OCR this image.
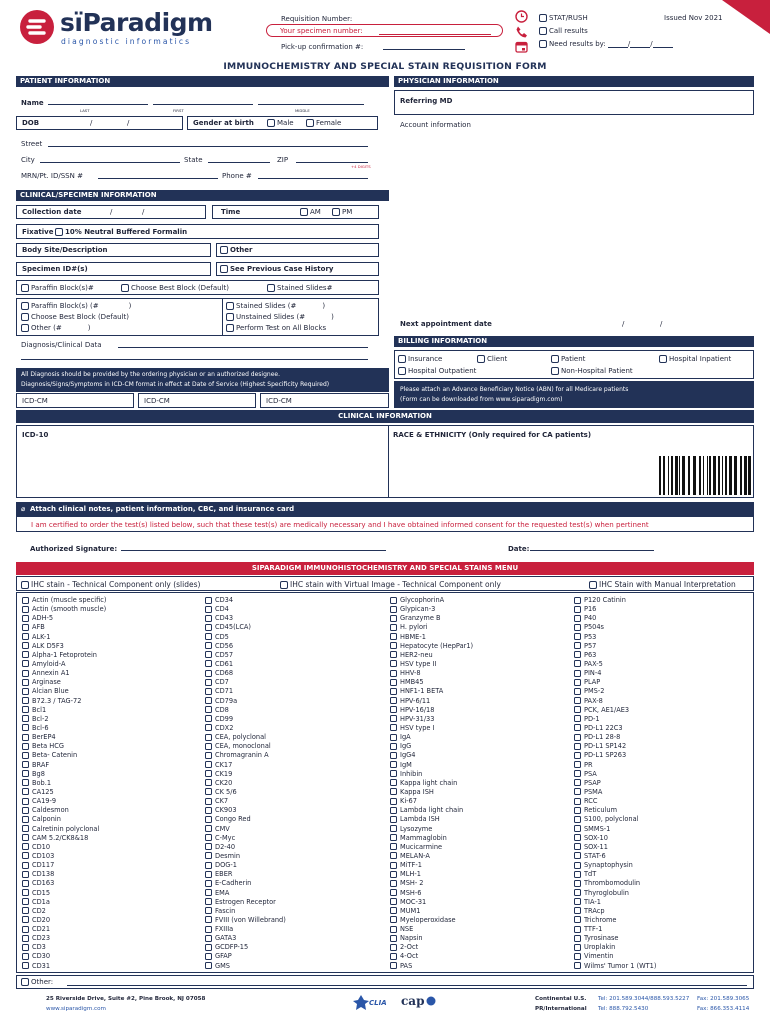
sïParadigm
diagnostic informatics
Requisition Number:
Your specimen number:
Pick-up confirmation #:
STAT/RUSH
Call results
Need results by:	/	/
Issued Nov 2021
IMMUNOCHEMISTRY AND SPECIAL STAIN REQUISITION FORM
PATIENT INFORMATION	PHYSICIAN INFORMATION
Name
LAST	FIRST	MIDDLE
DOB	/	/	Gender at birth	Male	Female
Street
City	State	ZIP
+4 DIGITS
MRN/Pt. ID/SSN #	Phone #
Referring MD
Account information
CLINICAL/SPECIMEN INFORMATION
Collection date	/	/	Time	AM	PM
Fixative	10% Neutral Buffered Formalin
Body Site/Description	Other
Specimen ID#(s)	See Previous Case History
Paraffin Block(s)#	Choose Best Block (Default)	Stained Slides#
Paraffin Block(s) (#	)
Choose Best Block (Default)
Other (#	)
Stained Slides (#	)
Unstained Slides (#	)
Perform Test on All Blocks
Diagnosis/Clinical Data
All Diagnosis should be provided by the ordering physician or an authorized designee.
Diagnosis/Signs/Symptoms in ICD-CM format in effect at Date of Service (Highest Specificity Required)
ICD-CM	ICD-CM	ICD-CM
Next appointment date	/	/
BILLING INFORMATION
Insurance	Client	Patient	Hospital Inpatient
Hospital Outpatient	Non-Hospital Patient
Please attach an Advance Beneficiary Notice (ABN) for all Medicare patients
(Form can be downloaded from www.siparadigm.com)
CLINICAL INFORMATION
ICD-10	RACE & ETHNICITY (Only required for CA patients)
⌀ Attach clinical notes, patient information, CBC, and insurance card
I am certified to order the test(s) listed below, such that these test(s) are medically necessary and I have obtained informed consent for the requested test(s) when pertinent
Authorized Signature:	Date:
SIPARADIGM IMMUNOHISTOCHEMISTRY AND SPECIAL STAINS MENU
IHC stain - Technical Component only (slides)	IHC stain with Virtual Image - Technical Component only	IHC Stain with Manual Interpretation
Actin (muscle specific)
Actin (smooth muscle)
ADH-5
AFB
ALK-1
ALK D5F3
Alpha-1 Fetoprotein
Amyloid-A
Annexin A1
Arginase
Alcian Blue
B72.3 / TAG-72
Bcl1
Bcl-2
Bcl-6
BerEP4
Beta HCG
Beta- Catenin
BRAF
Bg8
Bob.1
CA125
CA19-9
Caldesmon
Calponin
Calretinin polyclonal
CAM 5.2/CK8&18
CD10
CD103
CD117
CD138
CD163
CD15
CD1a
CD2
CD20
CD21
CD23
CD3
CD30
CD31
CD34
CD4
CD43
CD45(LCA)
CD5
CD56
CD57
CD61
CD68
CD7
CD71
CD79a
CD8
CD99
CDX2
CEA, polyclonal
CEA, monoclonal
Chromagranin A
CK17
CK19
CK20
CK 5/6
CK7
CK903
Congo Red
CMV
C-Myc
D2-40
Desmin
DOG-1
EBER
E-Cadherin
EMA
Estrogen Receptor
Fascin
FVIII (von Willebrand)
FXIIIa
GATA3
GCDFP-15
GFAP
GMS
GlycophorinA
Glypican-3
Granzyme B
H. pylori
HBME-1
Hepatocyte (HepPar1)
HER2-neu
HSV type II
HHV-8
HMB45
HNF1-1 BETA
HPV-6/11
HPV-16/18
HPV-31/33
HSV type I
IgA
IgG
IgG4
IgM
Inhibin
Kappa light chain
Kappa ISH
Ki-67
Lambda light chain
Lambda ISH
Lysozyme
Mammaglobin
Mucicarmine
MELAN-A
MiTF-1
MLH-1
MSH- 2
MSH-6
MOC-31
MUM1
Myeloperoxidase
NSE
Napsin
2-Oct
4-Oct
PAS
P120 Catinin
P16
P40
P504s
P53
P57
P63
PAX-5
PIN-4
PLAP
PMS-2
PAX-8
PCK, AE1/AE3
PD-1
PD-L1 22C3
PD-L1 28-8
PD-L1 SP142
PD-L1 SP263
PR
PSA
PSAP
PSMA
RCC
Reticulum
S100, polyclonal
SMMS-1
SOX-10
SOX-11
STAT-6
Synaptophysin
TdT
Thrombomodulin
Thyroglobulin
TIA-1
TRAcp
Trichrome
TTF-1
Tyrosinase
Uroplakin
Vimentin
Wilms' Tumor 1 (WT1)
Other:
25 Riverside Drive, Suite #2, Pine Brook, NJ 07058
www.siparadigm.com
CLIA cap	Continental U.S.
PR/International
Tel: 201.589.3044/888.593.5227 Fax: 201.589.3065
Tel: 888.792.5430	Fax: 866.353.4114
